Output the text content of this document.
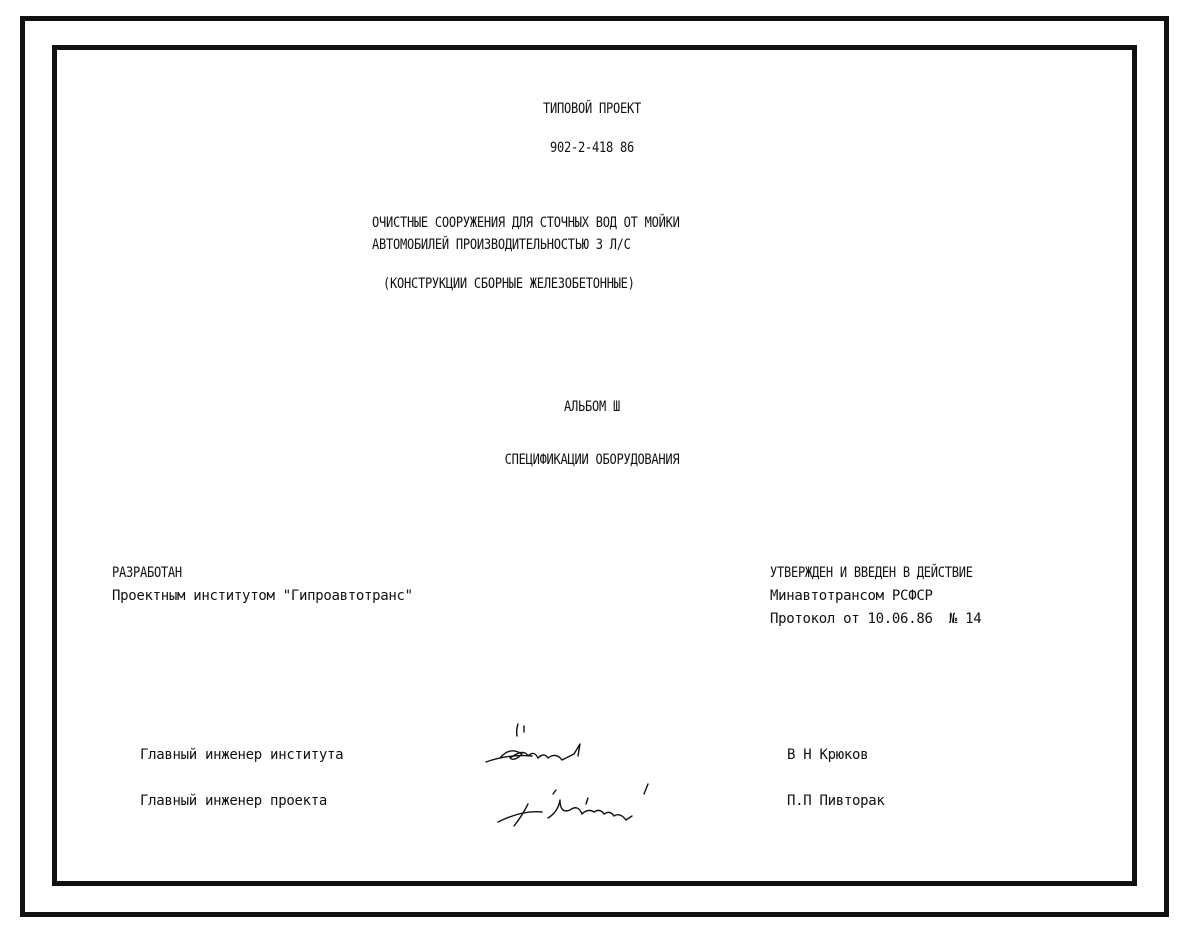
ТИПОВОЙ ПРОЕКТ
902-2-418 86
ОЧИСТНЫЕ СООРУЖЕНИЯ ДЛЯ СТОЧНЫХ ВОД ОТ МОЙКИ
АВТОМОБИЛЕЙ ПРОИЗВОДИТЕЛЬНОСТЬЮ 3 Л/С
(КОНСТРУКЦИИ СБОРНЫЕ ЖЕЛЕЗОБЕТОННЫЕ)
АЛЬБОМ Ш
СПЕЦИФИКАЦИИ ОБОРУДОВАНИЯ
РАЗРАБОТАН
Проектным институтом "Гипроавтотранс"
УТВЕРЖДЕН И ВВЕДЕН В ДЕЙСТВИЕ
Минавтотрансом РСФСР
Протокол от 10.06.86  № 14
Главный инженер института	В Н Крюков
Главный инженер проекта	П.П Пивторак
